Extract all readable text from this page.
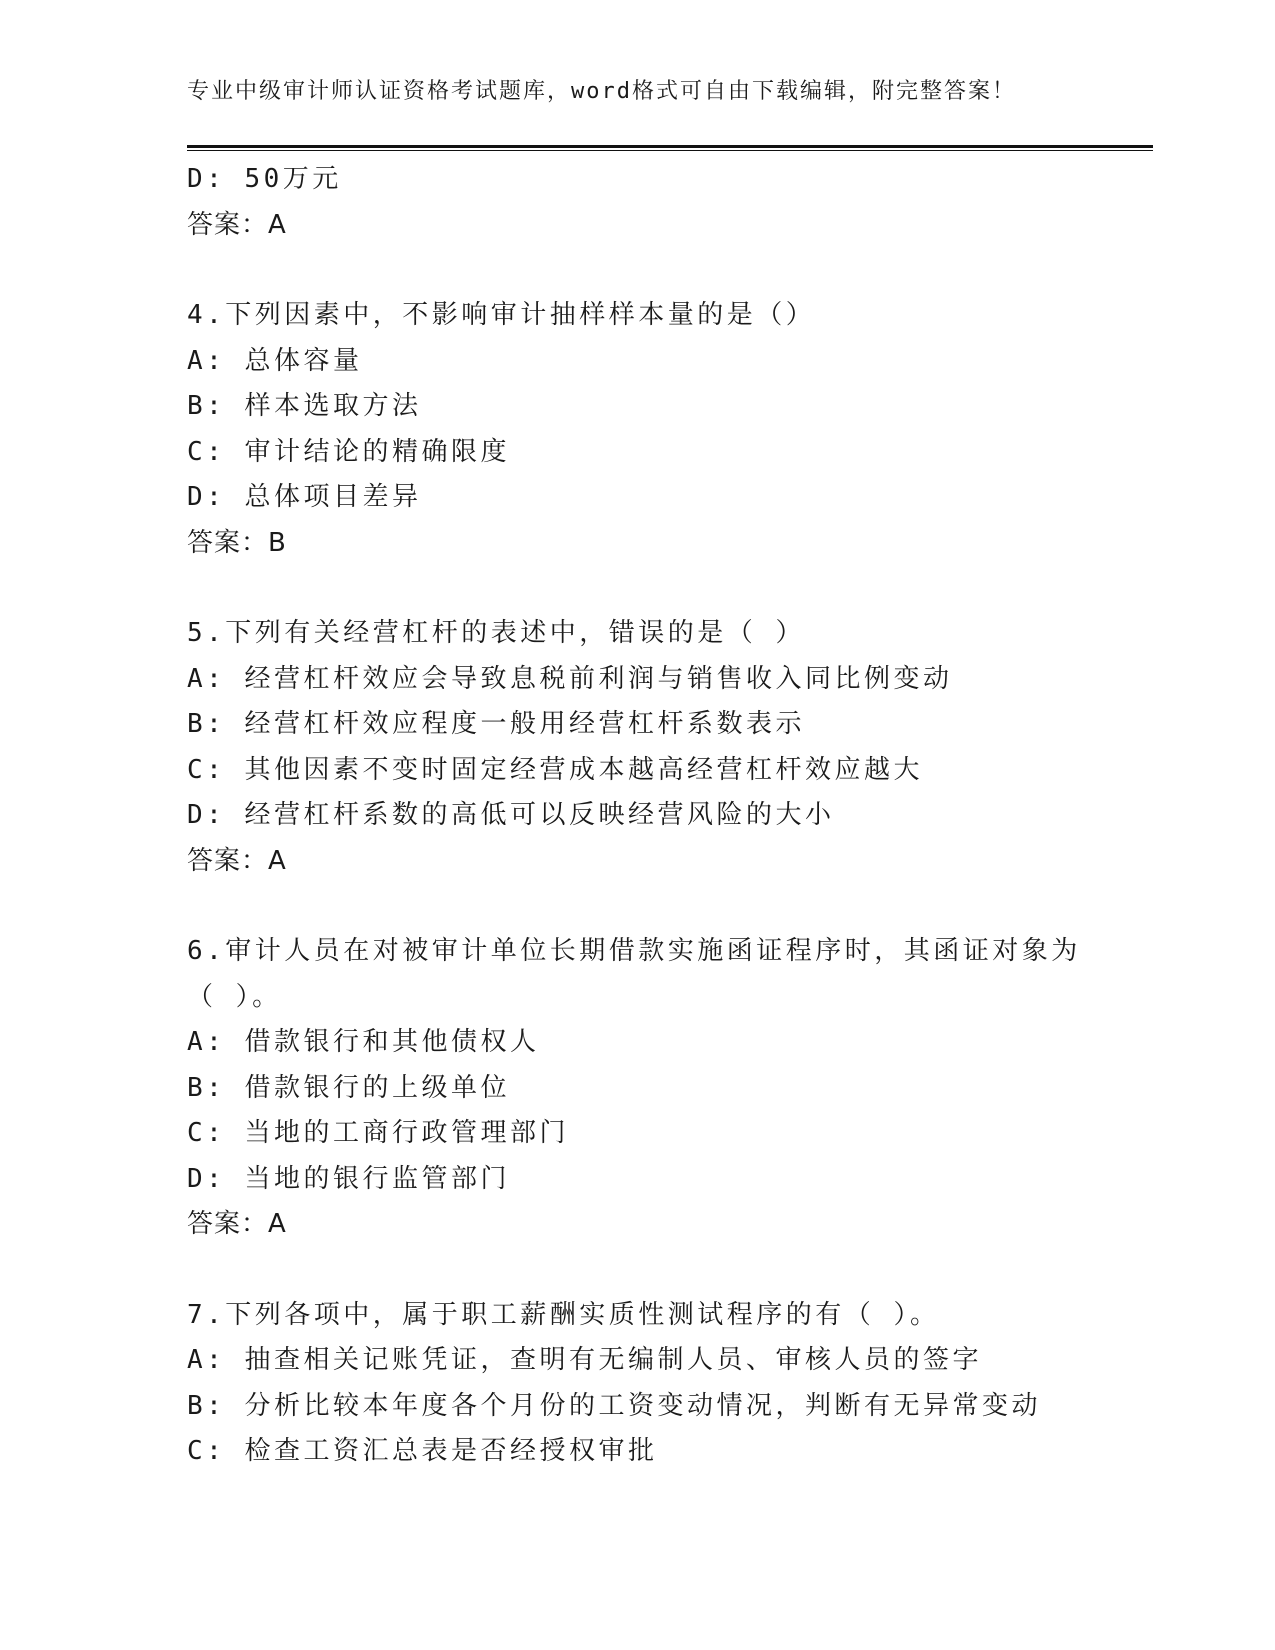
专业中级审计师认证资格考试题库，word格式可自由下载编辑，附完整答案！
D: 50万元
答案：A
4.下列因素中，不影响审计抽样样本量的是（）
A: 总体容量
B: 样本选取方法
C: 审计结论的精确限度
D: 总体项目差异
答案：B
5.下列有关经营杠杆的表述中，错误的是（ ）
A: 经营杠杆效应会导致息税前利润与销售收入同比例变动
B: 经营杠杆效应程度一般用经营杠杆系数表示
C: 其他因素不变时固定经营成本越高经营杠杆效应越大
D: 经营杠杆系数的高低可以反映经营风险的大小
答案：A
6.审计人员在对被审计单位长期借款实施函证程序时，其函证对象为
（ ）。
A: 借款银行和其他债权人
B: 借款银行的上级单位
C: 当地的工商行政管理部门
D: 当地的银行监管部门
答案：A
7.下列各项中，属于职工薪酬实质性测试程序的有（ ）。
A: 抽查相关记账凭证，查明有无编制人员、审核人员的签字
B: 分析比较本年度各个月份的工资变动情况，判断有无异常变动
C: 检查工资汇总表是否经授权审批
